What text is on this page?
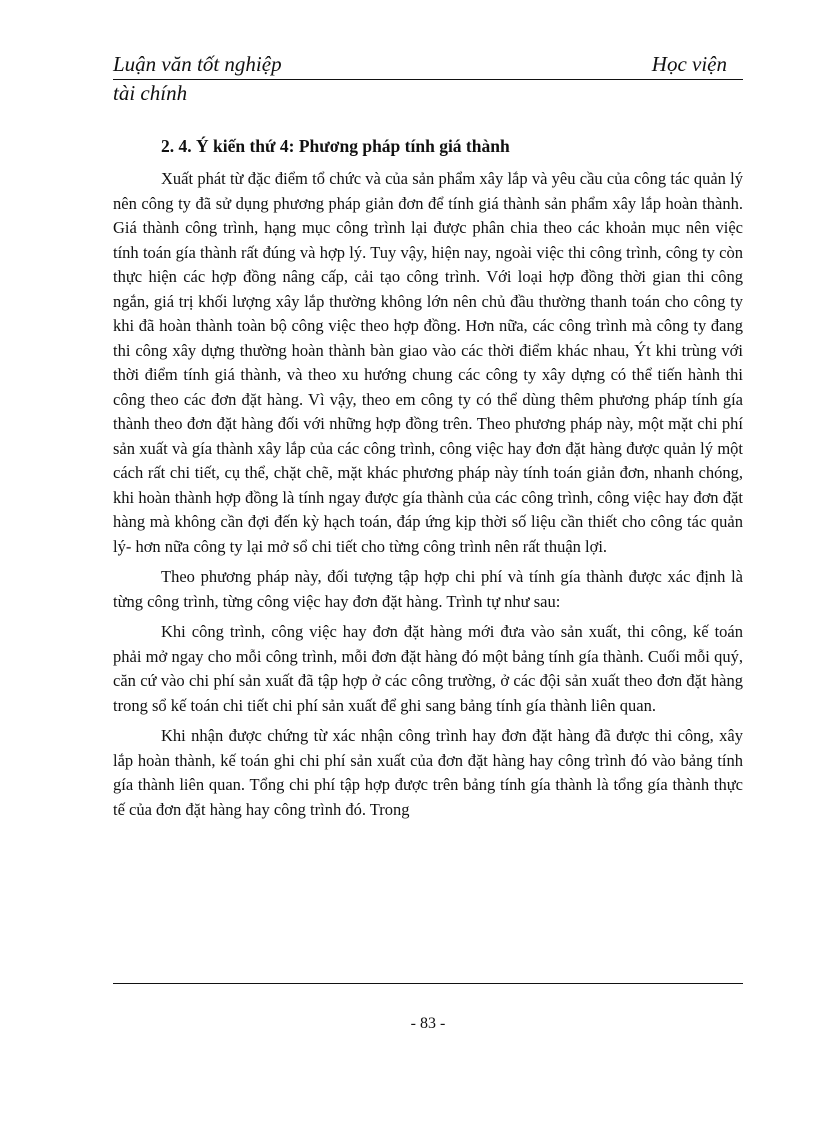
Luận văn tốt nghiệp	Học viện
tài chính
2. 4. Ý kiến thứ 4: Phương pháp tính giá thành

Xuất phát từ đặc điểm tổ chức và của sản phẩm xây lắp và yêu cầu của công tác quản lý nên công ty đã sử dụng phương pháp giản đơn để tính giá thành sản phẩm xây lắp hoàn thành. Giá thành công trình, hạng mục công trình lại được phân chia theo các khoản mục nên việc tính toán gía thành rất đúng và hợp lý. Tuy vậy, hiện nay, ngoài việc thi công trình, công ty còn thực hiện các hợp đồng nâng cấp, cải tạo công trình. Với loại hợp đồng thời gian thi công ngắn, giá trị khối lượng xây lắp thường không lớn nên chủ đầu thường thanh toán cho công ty khi đã hoàn thành toàn bộ công việc theo hợp đồng. Hơn nữa, các công trình mà công ty đang thi công xây dựng thường hoàn thành bàn giao vào các thời điểm khác nhau, Ýt khi trùng với thời điểm tính giá thành, và theo xu hướng chung các công ty xây dựng có thể tiến hành thi công theo các đơn đặt hàng. Vì vậy, theo em công ty có thể dùng thêm phương pháp tính gía thành theo đơn đặt hàng đối với những hợp đồng trên. Theo phương pháp này, một mặt chi phí sản xuất và gía thành xây lắp của các công trình, công việc hay đơn đặt hàng được quản lý một cách rất chi tiết, cụ thể, chặt chẽ, mặt khác phương pháp này tính toán giản đơn, nhanh chóng, khi hoàn thành hợp đồng là tính ngay được gía thành của các công trình, công việc hay đơn đặt hàng mà không cần đợi đến kỳ hạch toán, đáp ứng kịp thời số liệu cần thiết cho công tác quản lý- hơn nữa công ty lại mở sổ chi tiết cho từng công trình nên rất thuận lợi.

Theo phương pháp này, đối tượng tập hợp chi phí và tính gía thành được xác định là từng công trình, từng công việc hay đơn đặt hàng. Trình tự như sau:

Khi công trình, công việc hay đơn đặt hàng mới đưa vào sản xuất, thi công, kế toán phải mở ngay cho mỗi công trình, mỗi đơn đặt hàng đó một bảng tính gía thành. Cuối mỗi quý, căn cứ vào chi phí sản xuất đã tập hợp ở các công trường, ở các đội sản xuất theo đơn đặt hàng trong sổ kế toán chi tiết chi phí sản xuất để ghi sang bảng tính gía thành liên quan.

Khi nhận được chứng từ xác nhận công trình hay đơn đặt hàng đã được thi công, xây lắp hoàn thành, kế toán ghi chi phí sản xuất của đơn đặt hàng hay công trình đó vào bảng tính gía thành liên quan. Tổng chi phí tập hợp được trên bảng tính gía thành là tổng gía thành thực tế của đơn đặt hàng hay công trình đó. Trong

- 83 -
